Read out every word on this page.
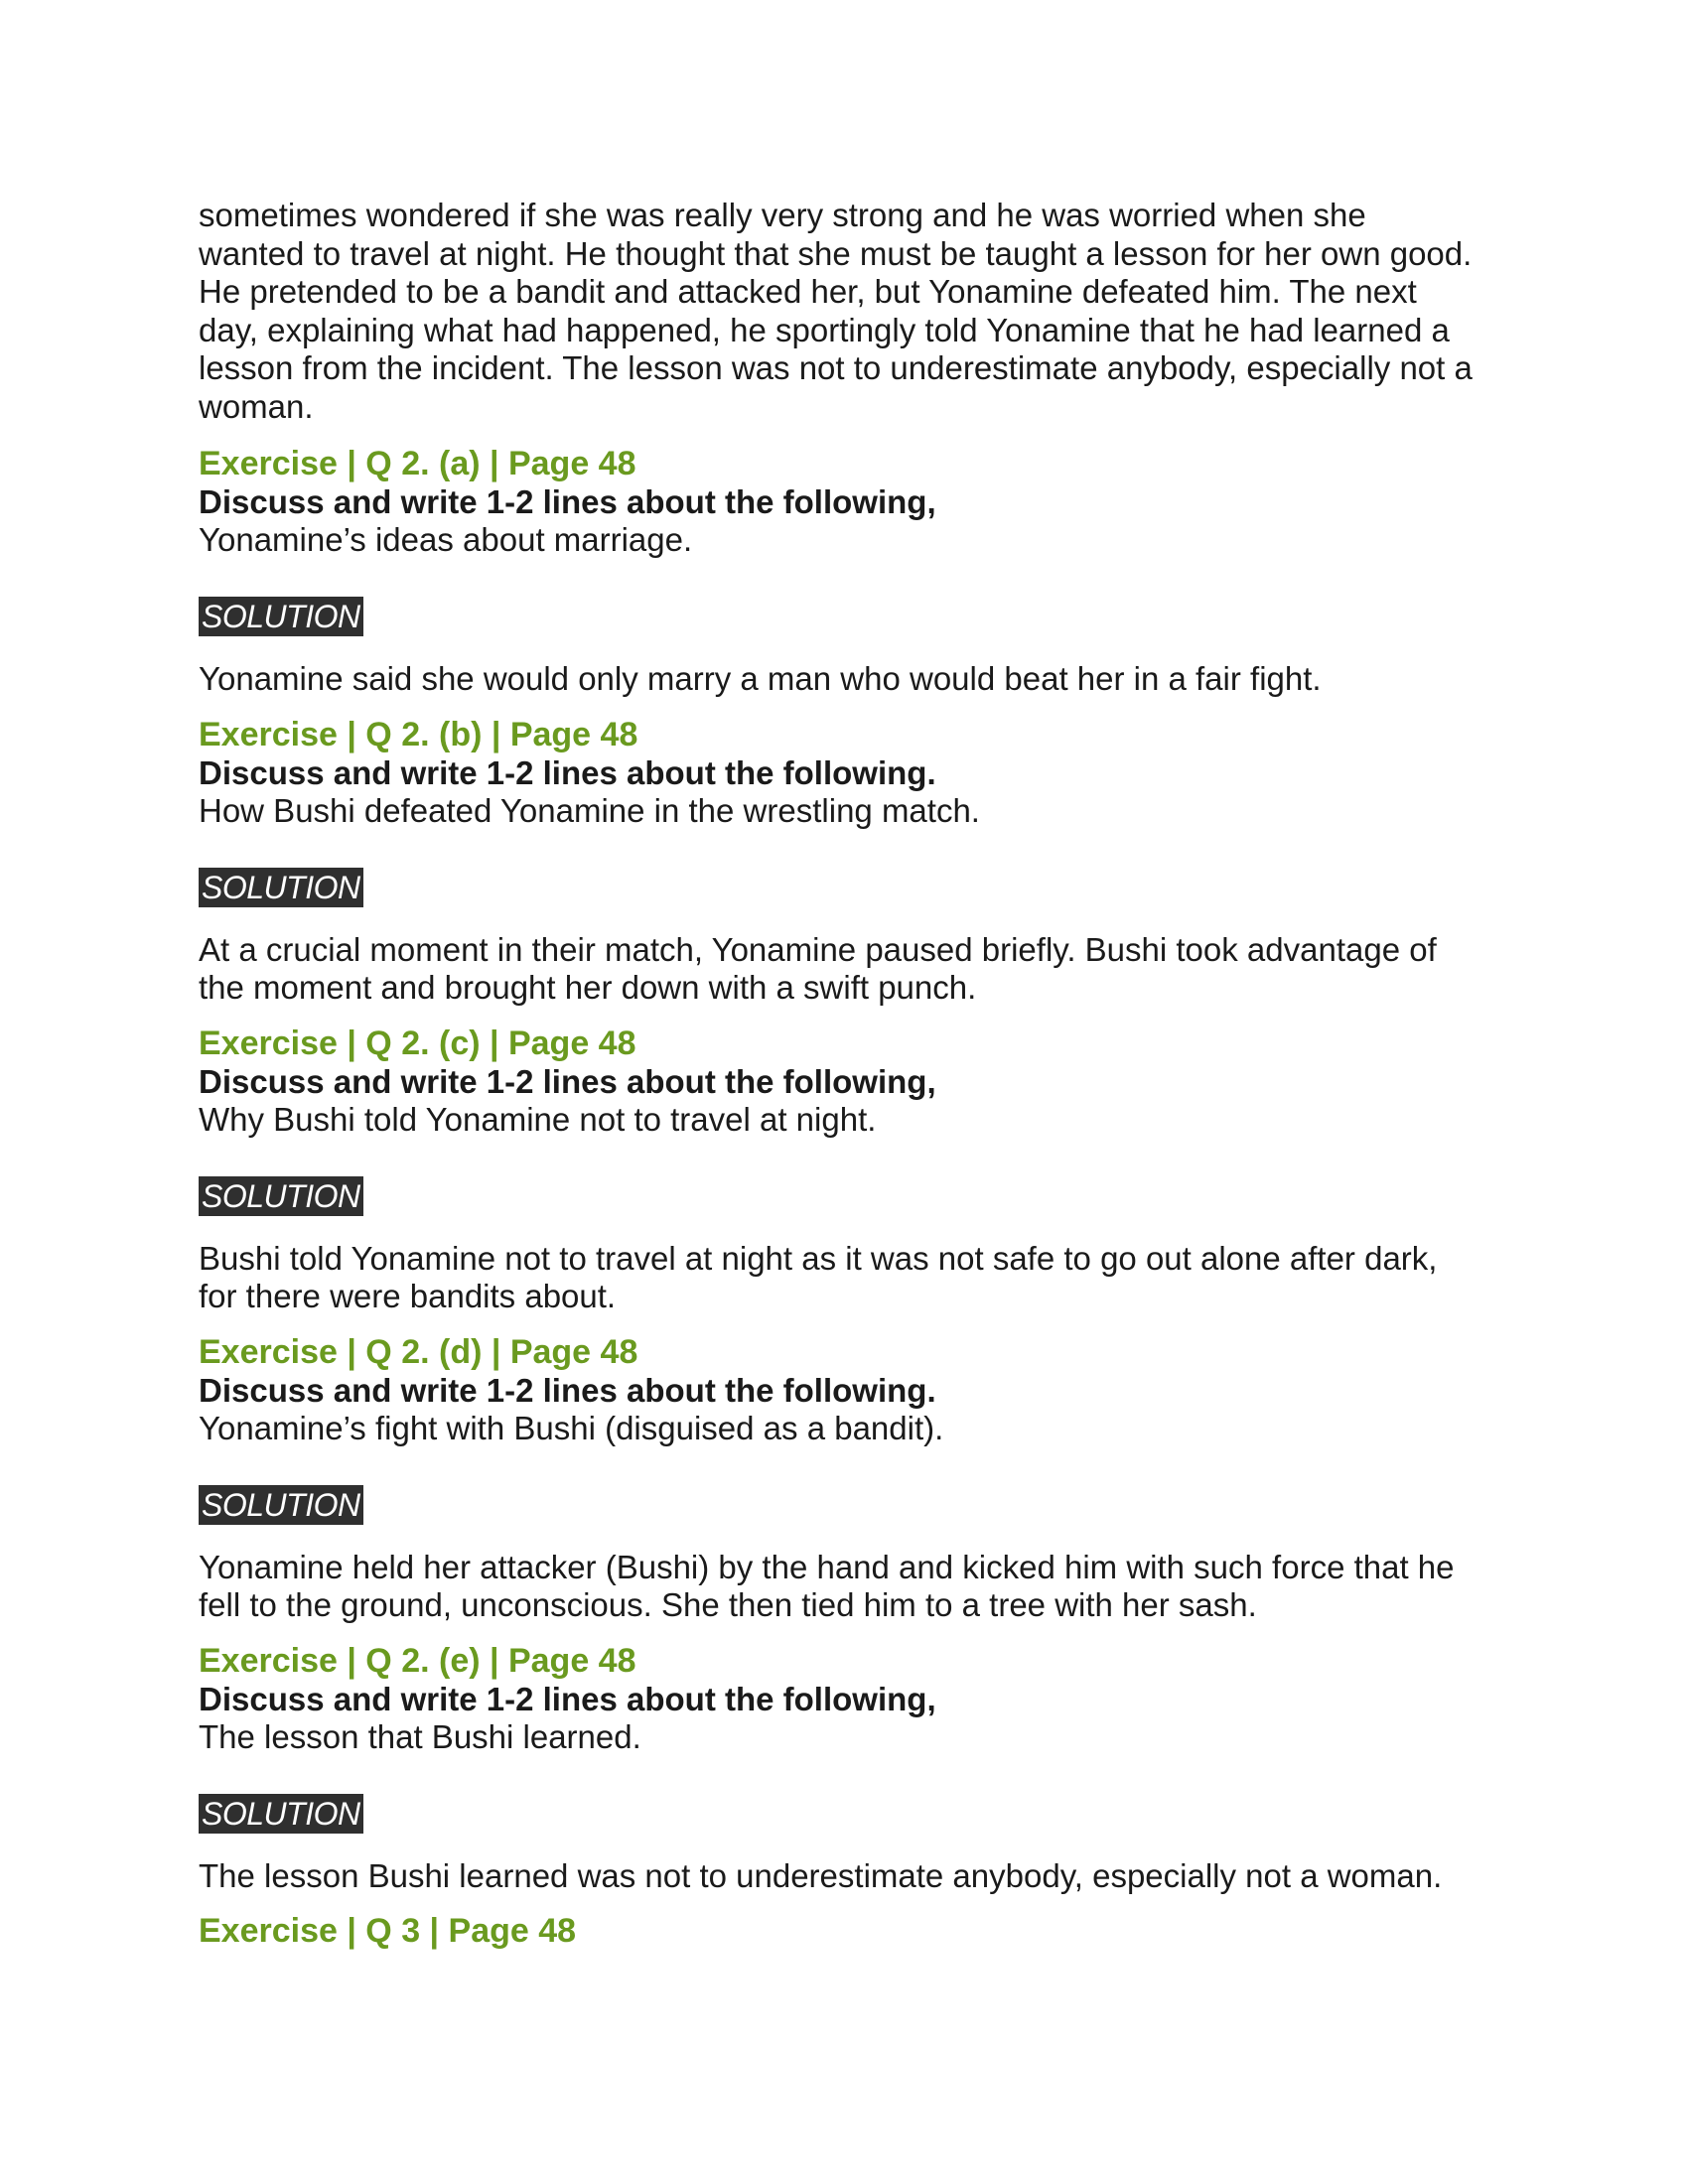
sometimes wondered if she was really very strong and he was worried when she
wanted to travel at night. He thought that she must be taught a lesson for her own good.
He pretended to be a bandit and attacked her, but Yonamine defeated him. The next
day, explaining what had happened, he sportingly told Yonamine that he had learned a
lesson from the incident. The lesson was not to underestimate anybody, especially not a
woman.
Exercise | Q 2. (a) | Page 48
Discuss and write 1-2 lines about the following,
Yonamine’s ideas about marriage.
SOLUTION
Yonamine said she would only marry a man who would beat her in a fair fight.
Exercise | Q 2. (b) | Page 48
Discuss and write 1-2 lines about the following.
How Bushi defeated Yonamine in the wrestling match.
SOLUTION
At a crucial moment in their match, Yonamine paused briefly. Bushi took advantage of
the moment and brought her down with a swift punch.
Exercise | Q 2. (c) | Page 48
Discuss and write 1-2 lines about the following,
Why Bushi told Yonamine not to travel at night.
SOLUTION
Bushi told Yonamine not to travel at night as it was not safe to go out alone after dark,
for there were bandits about.
Exercise | Q 2. (d) | Page 48
Discuss and write 1-2 lines about the following.
Yonamine’s fight with Bushi (disguised as a bandit).
SOLUTION
Yonamine held her attacker (Bushi) by the hand and kicked him with such force that he
fell to the ground, unconscious. She then tied him to a tree with her sash.
Exercise | Q 2. (e) | Page 48
Discuss and write 1-2 lines about the following,
The lesson that Bushi learned.
SOLUTION
The lesson Bushi learned was not to underestimate anybody, especially not a woman.
Exercise | Q 3 | Page 48
